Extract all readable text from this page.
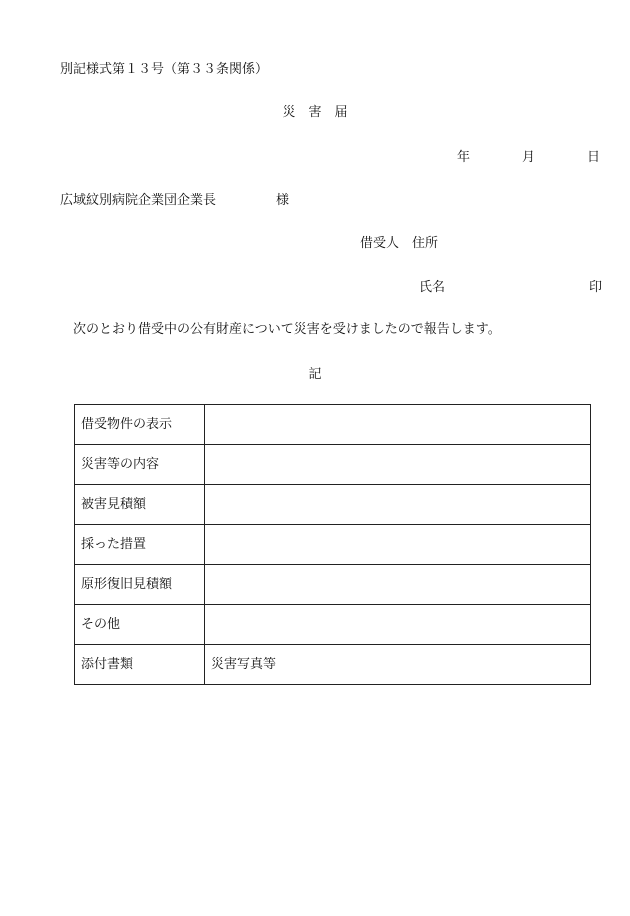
別記様式第１３号（第３３条関係）
災 害 届
年	月	日
広域紋別病院企業団企業長	様
借受人 住所
氏名	印
次のとおり借受中の公有財産について災害を受けましたので報告します。
記
借受物件の表示	
災害等の内容	
被害見積額	
採った措置	
原形復旧見積額	
その他	
添付書類	災害写真等
